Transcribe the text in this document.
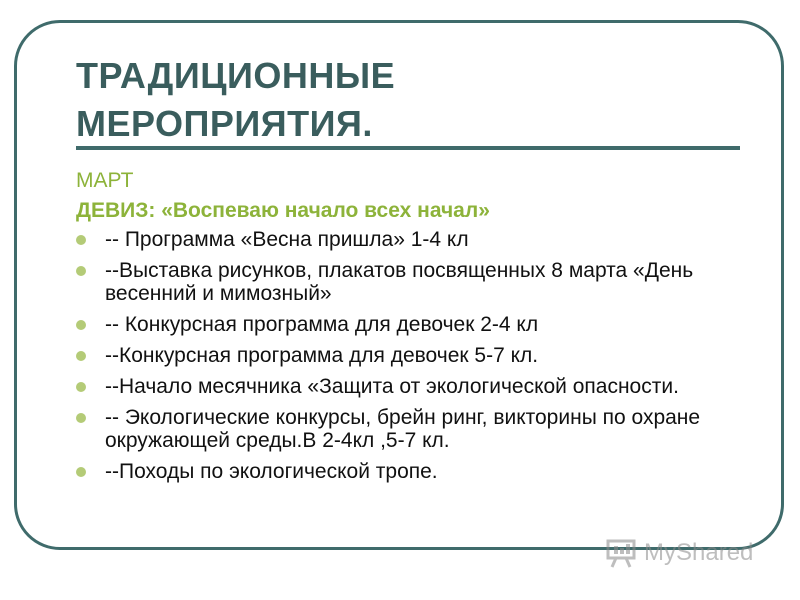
ТРАДИЦИОННЫЕ
МЕРОПРИЯТИЯ.
МАРТ
ДЕВИЗ: «Воспеваю начало всех начал»
-- Программа «Весна пришла» 1-4 кл
--Выставка рисунков, плакатов посвященных 8 марта «День весенний и мимозный»
-- Конкурсная программа для девочек 2-4 кл
--Конкурсная программа для девочек 5-7 кл.
--Начало месячника «Защита от экологической опасности.
-- Экологические конкурсы, брейн ринг, викторины по охране окружающей среды.В 2-4кл ,5-7 кл.
--Походы по экологической тропе.
MyShared
